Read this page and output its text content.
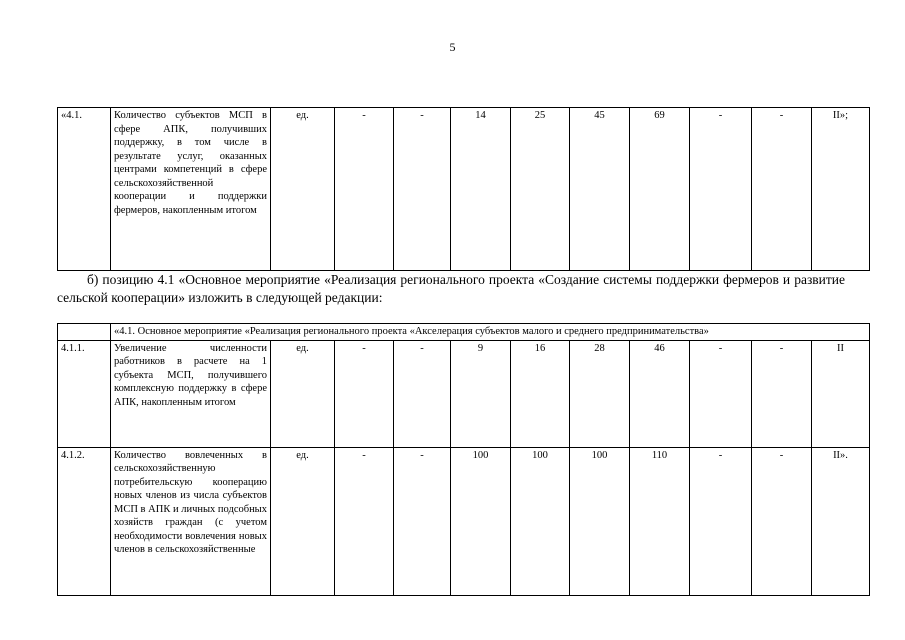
5
«4.1.	Количество субъектов МСП в сфере АПК, получивших поддержку, в том числе в результате услуг, оказанных центрами компетенций в сфере сельскохозяйственной кооперации и поддержки фермеров, накопленным итогом	ед.	-	-	14	25	45	69	-	-	II»;
б) позицию 4.1 «Основное мероприятие «Реализация регионального проекта «Создание системы поддержки фермеров и развитие сельской кооперации» изложить в следующей редакции:
	«4.1. Основное мероприятие «Реализация регионального проекта «Акселерация субъектов малого и среднего предпринимательства»										
4.1.1.	Увеличение численности работников в расчете на 1 субъекта МСП, получившего комплексную поддержку в сфере АПК, накопленным итогом	ед.	-	-	9	16	28	46	-	-	II
4.1.2.	Количество вовлеченных в сельскохозяйственную потребительскую кооперацию новых членов из числа субъектов МСП в АПК и личных подсобных хозяйств граждан (с учетом необходимости вовлечения новых членов в сельскохозяйственные	ед.	-	-	100	100	100	110	-	-	II».
